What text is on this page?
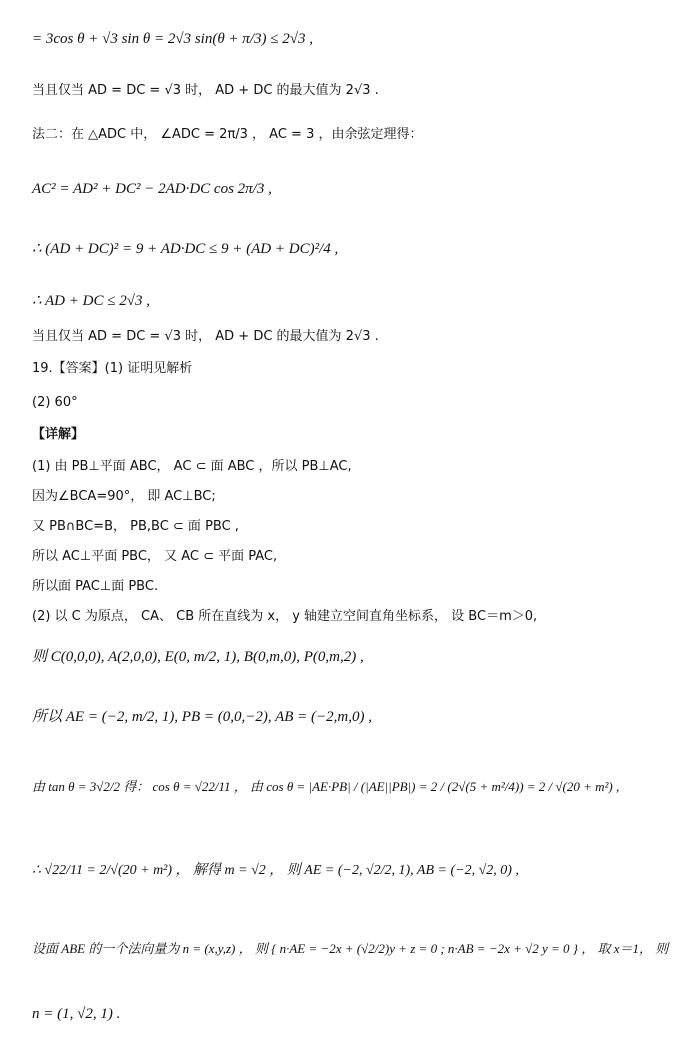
= 3cos θ + √3 sin θ = 2√3 sin(θ + π/3) ≤ 2√3 ,
当且仅当 AD = DC = √3 时， AD + DC 的最大值为 2√3 .
法二：在 △ADC 中， ∠ADC = 2π/3 ， AC = 3 ，由余弦定理得：
AC² = AD² + DC² − 2AD·DC cos 2π/3 ,
∴ (AD + DC)² = 9 + AD·DC ≤ 9 + (AD + DC)²/4 ,
∴ AD + DC ≤ 2√3 ,
当且仅当 AD = DC = √3 时， AD + DC 的最大值为 2√3 .
19.【答案】(1) 证明见解析
(2) 60°
【详解】
(1) 由 PB⊥平面 ABC， AC ⊂ 面 ABC ，所以 PB⊥AC,
因为∠BCA=90°， 即 AC⊥BC;
又 PB∩BC=B， PB,BC ⊂ 面 PBC ,
所以 AC⊥平面 PBC， 又 AC ⊂ 平面 PAC,
所以面 PAC⊥面 PBC.
(2) 以 C 为原点， CA、 CB 所在直线为 x， y 轴建立空间直角坐标系， 设 BC＝m＞0,
则 C(0,0,0), A(2,0,0), E(0, m/2, 1), B(0,m,0), P(0,m,2) ,
所以 AE = (−2, m/2, 1), PB = (0,0,−2), AB = (−2,m,0) ,
由 tan θ = 3√2/2 得： cos θ = √22/11 ， 由 cos θ = |AE·PB| / (|AE||PB|) = 2 / (2√(5 + m²/4)) = 2 / √(20 + m²) ,
∴ √22/11 = 2/√(20 + m²) ， 解得 m = √2 ， 则 AE = (−2, √2/2, 1), AB = (−2, √2, 0) ,
设面 ABE 的一个法向量为 n = (x,y,z) ， 则 { n·AE = −2x + (√2/2)y + z = 0 ; n·AB = −2x + √2 y = 0 } ， 取 x＝1， 则
n = (1, √2, 1) .
